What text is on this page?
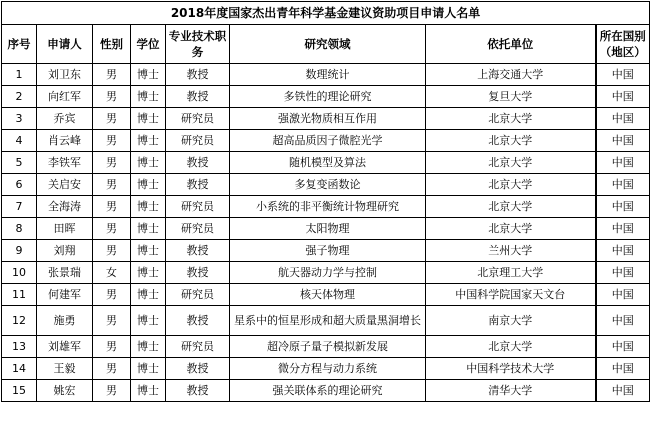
2018年度国家杰出青年科学基金建议资助项目申请人名单							
序号	申请人	性别	学位	专业技术职务	研究领域	依托单位	所在国别（地区）
1	刘卫东	男	博士	教授	数理统计	上海交通大学	中国
2	向红军	男	博士	教授	多铁性的理论研究	复旦大学	中国
3	乔宾	男	博士	研究员	强激光物质相互作用	北京大学	中国
4	肖云峰	男	博士	研究员	超高品质因子微腔光学	北京大学	中国
5	李铁军	男	博士	教授	随机模型及算法	北京大学	中国
6	关启安	男	博士	教授	多复变函数论	北京大学	中国
7	全海涛	男	博士	研究员	小系统的非平衡统计物理研究	北京大学	中国
8	田晖	男	博士	研究员	太阳物理	北京大学	中国
9	刘翔	男	博士	教授	强子物理	兰州大学	中国
10	张景瑞	女	博士	教授	航天器动力学与控制	北京理工大学	中国
11	何建军	男	博士	研究员	核天体物理	中国科学院国家天文台	中国
12	施勇	男	博士	教授	星系中的恒星形成和超大质量黑洞增长	南京大学	中国
13	刘雄军	男	博士	研究员	超冷原子量子模拟新发展	北京大学	中国
14	王毅	男	博士	教授	微分方程与动力系统	中国科学技术大学	中国
15	姚宏	男	博士	教授	强关联体系的理论研究	清华大学	中国
